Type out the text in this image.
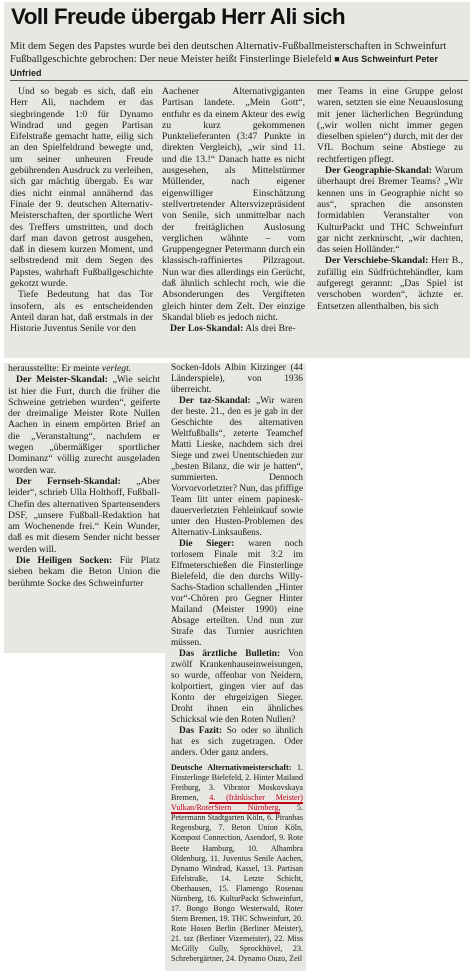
Voll Freude übergab Herr Ali sich

Mit dem Segen des Papstes wurde bei den deutschen Alternativ-Fußballmeisterschaften in Schweinfurt Fußballgeschichte gebrochen: Der neue Meister heißt Finsterlinge Bielefeld ■ Aus Schweinfurt Peter Unfried

Und so begab es sich, daß ein Herr Ali, nachdem er das siegbringende 1:0 für Dynamo Windrad und gegen Partisan Eifelstraße gemacht hatte, eilig sich an den Spielfeldrand bewegte und, um seiner unheuren Freude gebührenden Ausdruck zu verleihen, sich gar mächtig übergab. Es war dies nicht einmal annähernd das Finale der 9. deutschen Alternativ-Meisterschaften, der sportliche Wert des Treffers umstritten, und doch darf man davon getrost ausgehen, daß in diesem kurzen Moment, und selbstredend mit dem Segen des Papstes, wahrhaft Fußballgeschichte gekotzt wurde.

Tiefe Bedeutung hat das Tor insofern, als es entscheidenden Anteil daran hat, daß erstmals in der Historie Juventus Senile vor den

Aachener Alternativgiganten Partisan landete. „Mein Gott“, entfuhr es da einem Akteur des ewig zu kurz gekommenen Punktelieferanten (3:47 Punkte in direkten Vergleich), „wir sind 11. und die 13.!“ Danach hatte es nicht ausgesehen, als Mittelstürmer Müllender, nach eigener eigenwilliger Einschätzung stellvertretender Altersvizepräsident von Senile, sich unmittelbar nach der freitäglichen Auslosung verglichen wähnte – vom Gruppengegner Petermann durch ein klassisch-raffiniertes Pilzragout. Nun war dies allerdings ein Gerücht, daß ähnlich schlecht roch, wie die Absonderungen des Vergifteten gleich hinter dem Zelt. Der einzige Skandal blieb es jedoch nicht.

Der Los-Skandal: Als drei Bre-

mer Teams in eine Gruppe gelost waren, setzten sie eine Neuauslosung mit jener lächerlichen Begründung („wir wollen nicht immer gegen dieselben spielen“) durch, mit der der VfL Bochum seine Abstiege zu rechtfertigen pflegt.

Der Geographie-Skandal: Warum überhaupt drei Bremer Teams? „Wir kennen uns in Geographie nicht so aus“, sprachen die ansonsten formidablen Veranstalter von KulturPackt und THC Schweinfurt gar nicht zerknirscht, „wir dachten, das seien Holländer.“

Der Verschiebe-Skandal: Herr B., zufällig ein Südfrüchtehändler, kam aufgeregt gerannt: „Das Spiel ist verschoben worden“, ächzte er. Entsetzen allenthalben, bis sich

herausstellte: Er meinte verlegt.

Der Meister-Skandal: „Wie seicht ist hier die Furt, durch die früher die Schweine getrieben wurden“, geiferte der dreimalige Meister Rote Nullen Aachen in einem empörten Brief an die „Veranstaltung“, nachdem er wegen „übermäßiger sportlicher Dominanz“ völlig zurecht ausgeladen worden war.

Der Fernseh-Skandal: „Aber leider“, schrieb Ulla Holthoff, Fußball-Chefin des alternativen Spartensenders DSF, „unsere Fußball-Redaktion hat am Wochenende frei.“ Kein Wunder, daß es mit diesem Sender nicht besser werden will.

Die Heiligen Socken: Für Platz sieben bekam die Beton Union die berühmte Socke des Schweinfurter

Socken-Idols Albin Kitzinger (44 Länderspiele), von 1936 überreicht.

Der taz-Skandal: „Wir waren der beste. 21., den es je gab in der Geschichte des alternativen Weltfußballs“, zeterte Teamchef Matti Lieske, nachdem sich drei Siege und zwei Unentschieden zur „besten Bilanz, die wir je hatten“, summierten. Dennoch Vorvorvorletzter? Nun, das pfiffige Team litt unter einem papinesk-dauerverletzten Fehleinkauf sowie unter den Husten-Problemen des Alternativ-Linksaußens.

Die Sieger: waren noch torlosem Finale mit 3:2 im Elfmeterschießen die Finsterlinge Bielefeld, die den durchs Willy-Sachs-Stadion schallenden „Hinter vor“-Chören pro Gegner Hinter Mailand (Meister 1990) eine Absage erteilten. Und nun zur Strafe das Turnier ausrichten müssen.

Das ärztliche Bulletin: Von zwölf Krankenhauseinweisungen, so wurde, offenbar von Neidern, kolportiert, gingen vier auf das Konto der ehrgeizigen Sieger. Droht ihnen ein ähnliches Schicksal wie den Roten Nullen?

Das Fazit: So oder so ähnlich hat es sich zugetragen. Oder anders. Oder ganz anders.

Deutsche Alternativmeisterschaft: 1. Finsterlinge Bielefeld, 2. Hinter Mailand Freiburg, 3. Vibrator Moskovskaya Bremen, 4. (fränkischer Meister) Vulkan/RoterStern Nürnberg, 5. Petermann Stadtgarten Köln, 6. Piranhas Regensburg, 7. Beton Union Köln, Kompost Connection, Asendorf, 9. Rote Beete Hamburg, 10. Alhambra Oldenburg, 11. Juventus Senile Aachen, Dynamo Windrad, Kassel, 13. Partisan Eifelstraße, 14. Letzte Schicht, Oberhausen, 15. Flamengo Rosenau Nürnberg, 16. KulturPackt Schweinfurt, 17. Bongo Bongo Westerwald, Roter Stern Bremen, 19. THC Schweinfurt, 20. Rote Hosen Berlin (Berliner Meister), 21. taz (Berliner Vizemeister), 22. Miss McGilly Gully, Sprockhövel, 23. Schrebergärtner, 24. Dynamo Ouzo, Zeil
